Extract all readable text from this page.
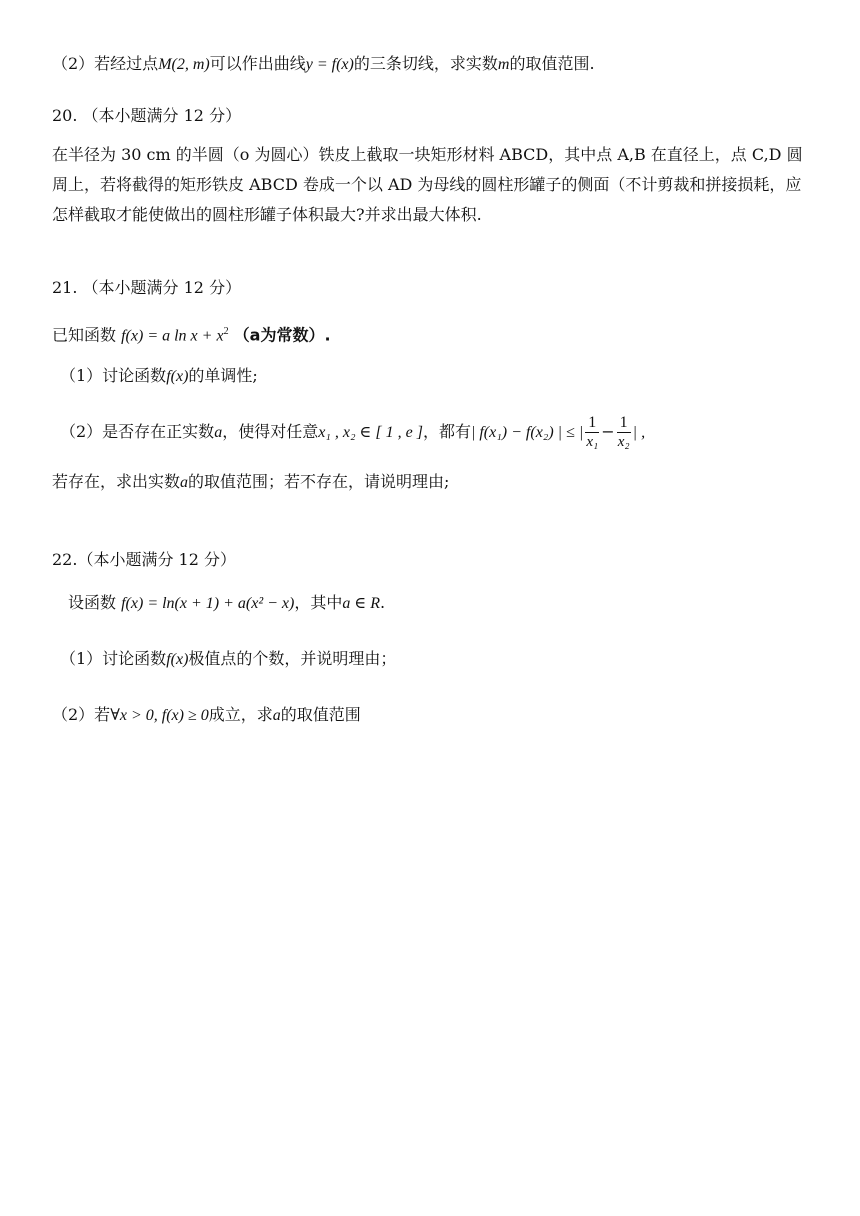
（2）若经过点M(2, m)可以作出曲线y = f(x)的三条切线，求实数m的取值范围.
20. （本小题满分 12 分）
在半径为 30 cm 的半圆（o 为圆心）铁皮上截取一块矩形材料 ABCD，其中点 A,B 在直径上，点 C,D 圆周上，若将截得的矩形铁皮 ABCD 卷成一个以 AD 为母线的圆柱形罐子的侧面（不计剪裁和拼接损耗，应怎样截取才能使做出的圆柱形罐子体积最大?并求出最大体积.
21. （本小题满分 12 分）
已知函数 f(x) = a $\ln x + x^2$ （a为常数）.
（1）讨论函数f(x)的单调性;
（2）是否存在正实数a，使得对任意x₁ , x₂ ∈ [ 1 , e ]，都有| f(x₁) − f(x₂) | ≤ | $\frac{1}{\text{x₁}} - \frac{1}{\text{x₂}}$ | ,
若存在，求出实数a的取值范围；若不存在，请说明理由;
22.（本小题满分 12 分）
设函数 f(x) = ln(x + 1) + a(x² − x)，其中a ∈ R.
（1）讨论函数f(x)极值点的个数，并说明理由；
（2）若∀x > 0, f(x) ≥ 0成立，求a的取值范围
